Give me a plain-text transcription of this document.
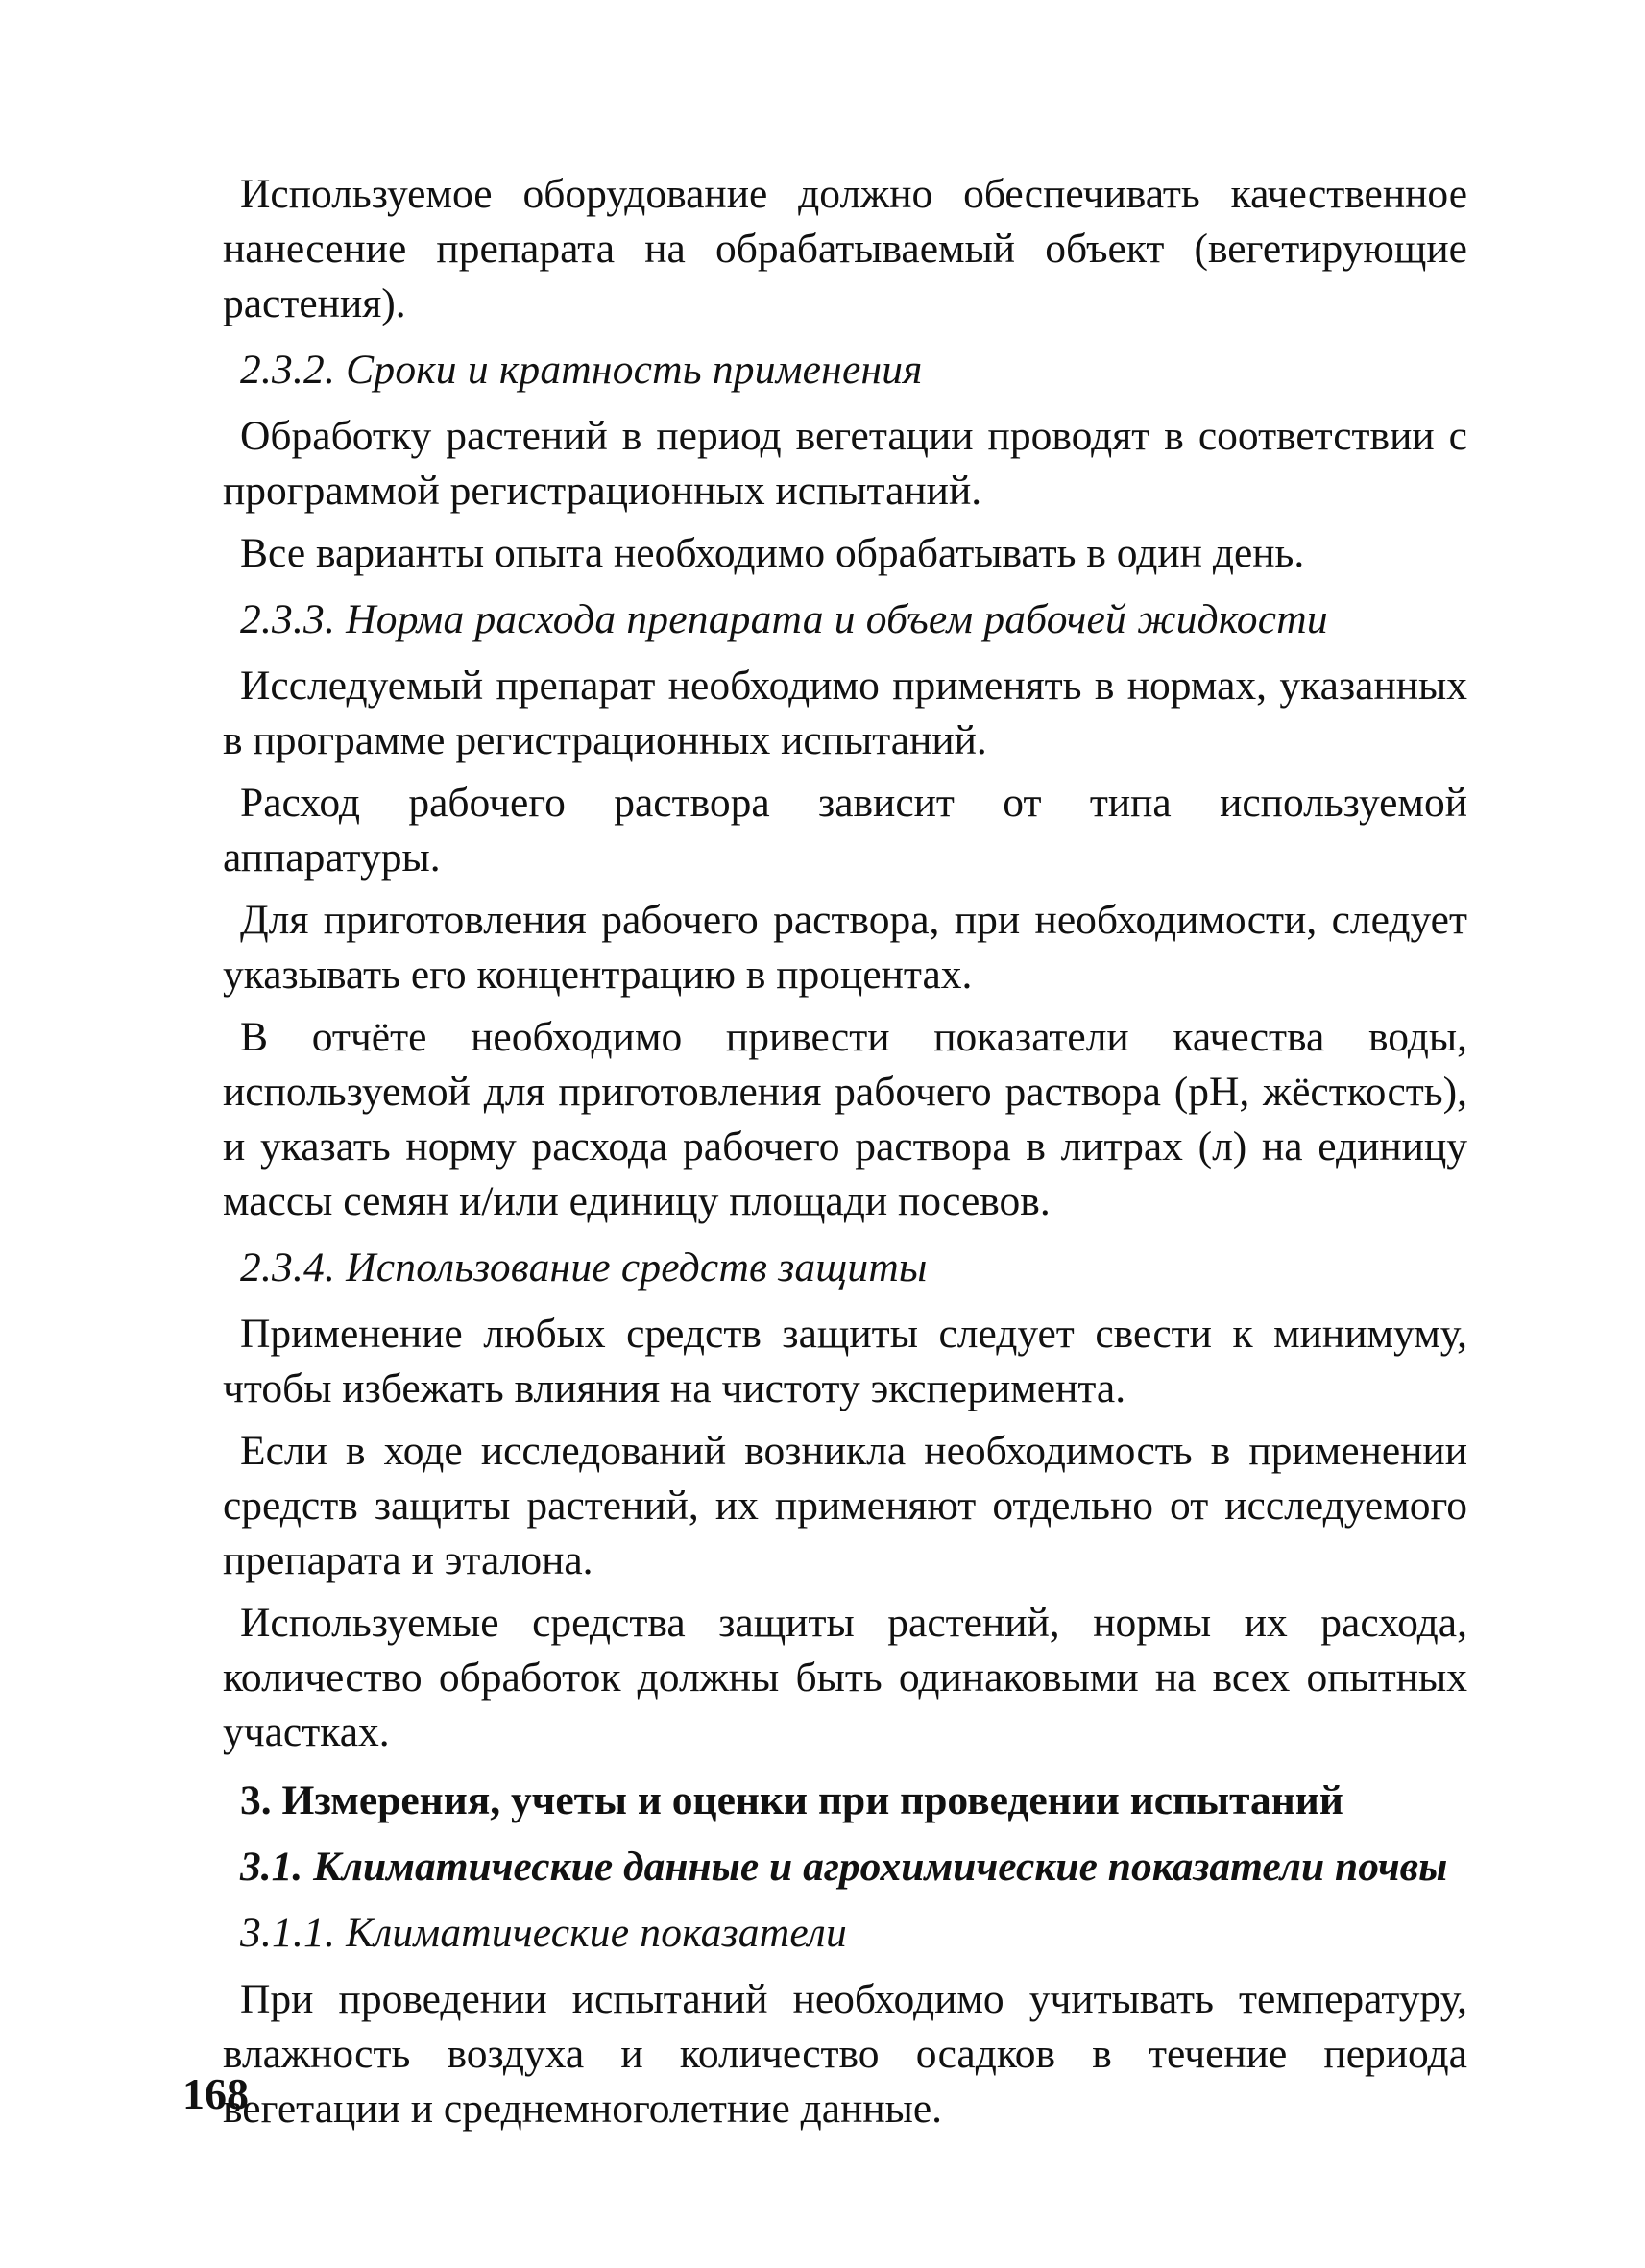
Используемое оборудование должно обеспечивать качественное нанесение препарата на обрабатываемый объект (вегетирующие растения).

2.3.2. Сроки и кратность применения

Обработку растений в период вегетации проводят в соответствии с программой регистрационных испытаний.

Все варианты опыта необходимо обрабатывать в один день.

2.3.3. Норма расхода препарата и объем рабочей жидкости

Исследуемый препарат необходимо применять в нормах, указанных в программе регистрационных испытаний.

Расход рабочего раствора зависит от типа используемой аппаратуры.

Для приготовления рабочего раствора, при необходимости, следует указывать его концентрацию в процентах.

В отчёте необходимо привести показатели качества воды, используемой для приготовления рабочего раствора (рН, жёсткость), и указать норму расхода рабочего раствора в литрах (л) на единицу массы семян и/или единицу площади посевов.

2.3.4. Использование средств защиты

Применение любых средств защиты следует свести к минимуму, чтобы избежать влияния на чистоту эксперимента.

Если в ходе исследований возникла необходимость в применении средств защиты растений, их применяют отдельно от исследуемого препарата и эталона.

Используемые средства защиты растений, нормы их расхода, количество обработок должны быть одинаковыми на всех опытных участках.

3. Измерения, учеты и оценки при проведении испытаний

3.1. Климатические данные и агрохимические показатели почвы

3.1.1. Климатические показатели

При проведении испытаний необходимо учитывать температуру, влажность воздуха и количество осадков в течение периода вегетации и среднемноголетние данные.

168
